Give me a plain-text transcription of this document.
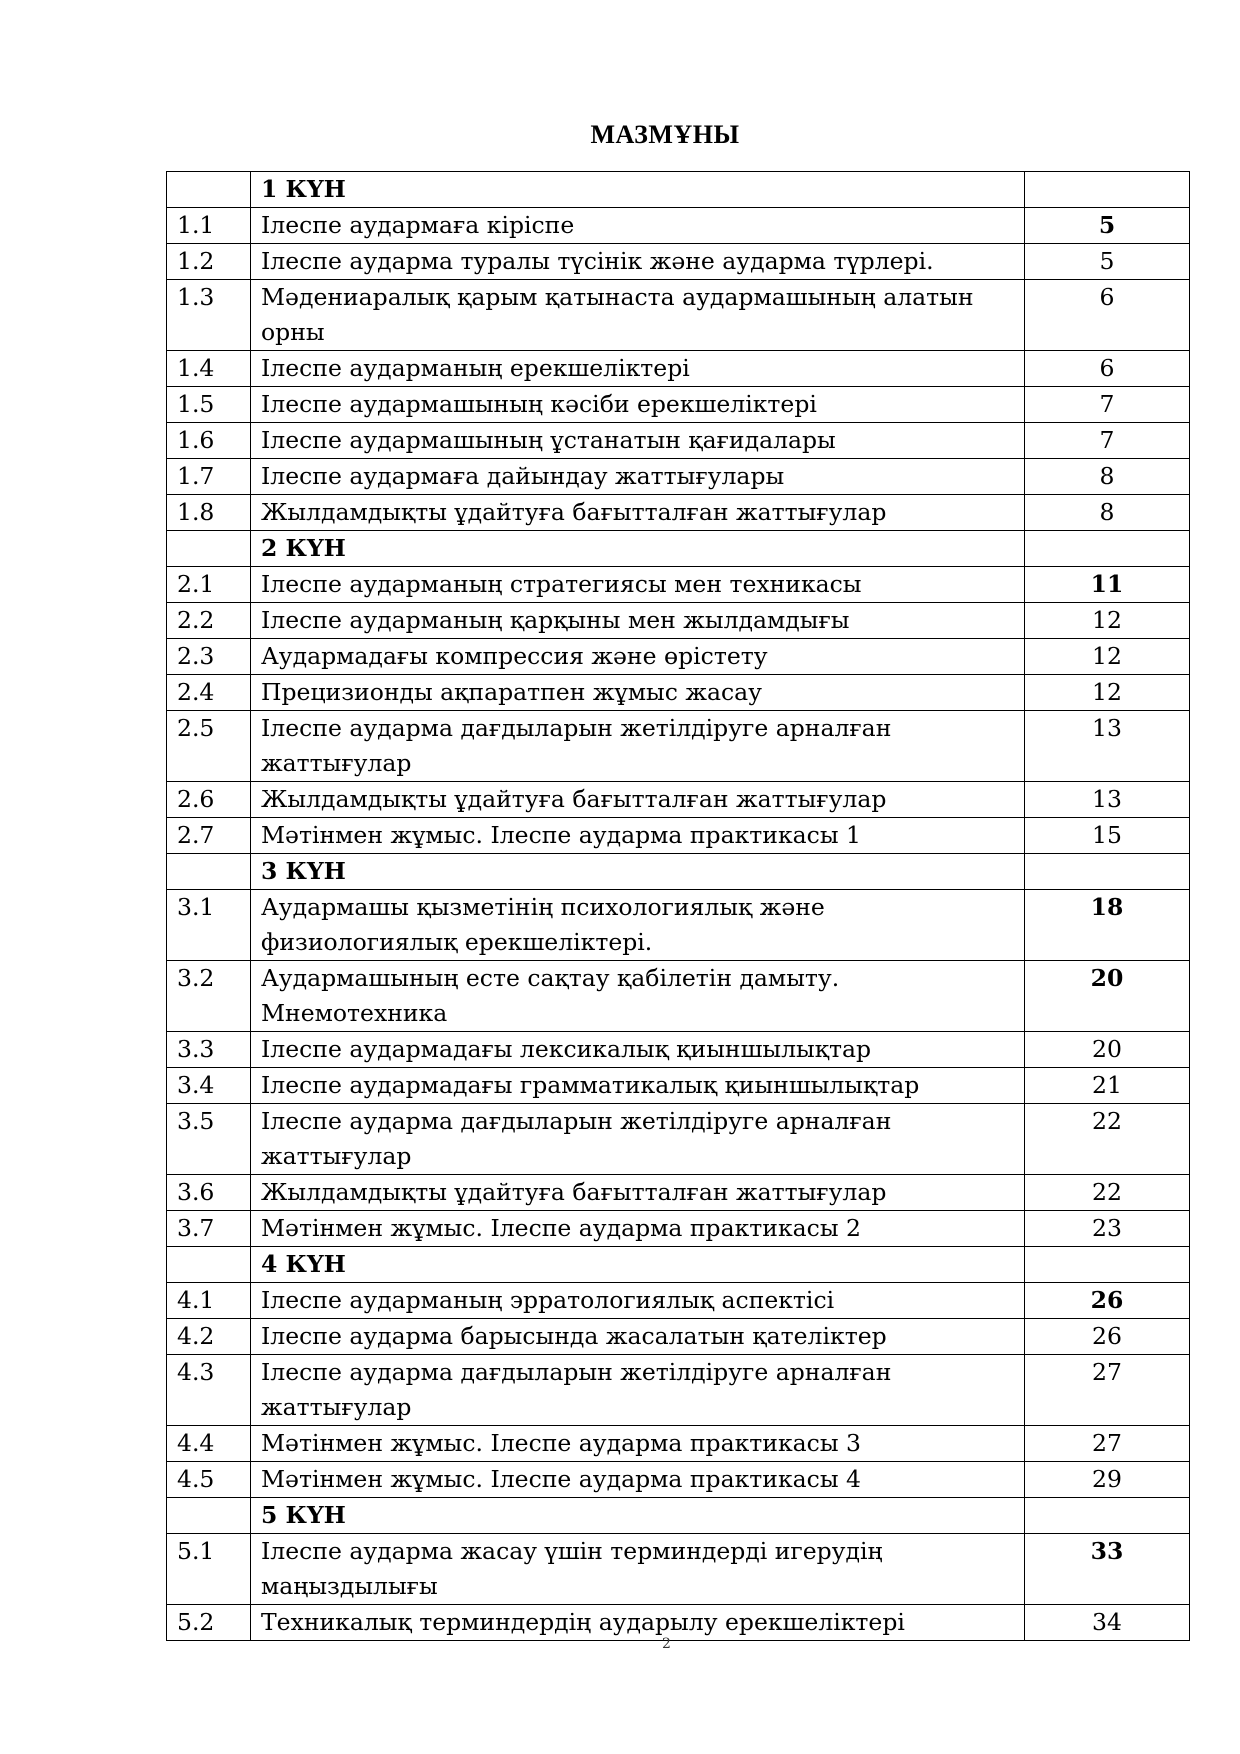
МАЗМҰНЫ
	1 КҮН	
1.1	Ілеспе аудармаға кіріспе	5
1.2	Ілеспе аударма туралы түсінік және аударма түрлері.	5
1.3	Мәдениаралық қарым қатынаста аудармашының алатын орны	6
1.4	Ілеспе аударманың ерекшеліктері	6
1.5	Ілеспе аудармашының кәсіби ерекшеліктері	7
1.6	Ілеспе аудармашының ұстанатын қағидалары	7
1.7	Ілеспе аудармаға дайындау жаттығулары	8
1.8	Жылдамдықты ұдайтуға бағытталған жаттығулар	8
	2 КҮН	
2.1	Ілеспе аударманың стратегиясы мен техникасы	11
2.2	Ілеспе аударманың қарқыны мен жылдамдығы	12
2.3	Аудармадағы компрессия және өрістету	12
2.4	Прецизионды ақпаратпен жұмыс жасау	12
2.5	Ілеспе аударма дағдыларын жетілдіруге арналған жаттығулар	13
2.6	Жылдамдықты ұдайтуға бағытталған жаттығулар	13
2.7	Мәтінмен жұмыс. Ілеспе аударма практикасы 1	15
	3 КҮН	
3.1	Аудармашы қызметінің психологиялық және физиологиялық ерекшеліктері.	18
3.2	Аудармашының есте сақтау қабілетін дамыту. Мнемотехника	20
3.3	Ілеспе аудармадағы лексикалық қиыншылықтар	20
3.4	Ілеспе аудармадағы грамматикалық қиыншылықтар	21
3.5	Ілеспе аударма дағдыларын жетілдіруге арналған жаттығулар	22
3.6	Жылдамдықты ұдайтуға бағытталған жаттығулар	22
3.7	Мәтінмен жұмыс. Ілеспе аударма практикасы 2	23
	4 КҮН	
4.1	Ілеспе аударманың эрратологиялық аспектісі	26
4.2	Ілеспе аударма барысында жасалатын қателіктер	26
4.3	Ілеспе аударма дағдыларын жетілдіруге арналған жаттығулар	27
4.4	Мәтінмен жұмыс. Ілеспе аударма практикасы 3	27
4.5	Мәтінмен жұмыс. Ілеспе аударма практикасы 4	29
	5 КҮН	
5.1	Ілеспе аударма жасау үшін терминдерді игерудің маңыздылығы	33
5.2	Техникалық терминдердің аударылу ерекшеліктері	34
2
